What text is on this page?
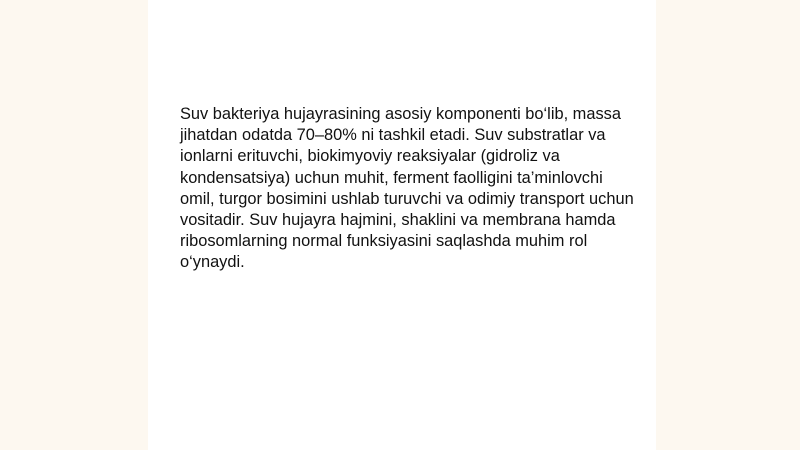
Suv bakteriya hujayrasining asosiy komponenti bo‘lib, massa jihatdan odatda 70–80% ni tashkil etadi. Suv substratlar va ionlarni erituvchi, biokimyoviy reaksiyalar (gidroliz va kondensatsiya) uchun muhit, ferment faolligini ta’minlovchi omil, turgor bosimini ushlab turuvchi va odimiy transport uchun vositadir. Suv hujayra hajmini, shaklini va membrana hamda ribosomlarning normal funksiyasini saqlashda muhim rol o‘ynaydi.
